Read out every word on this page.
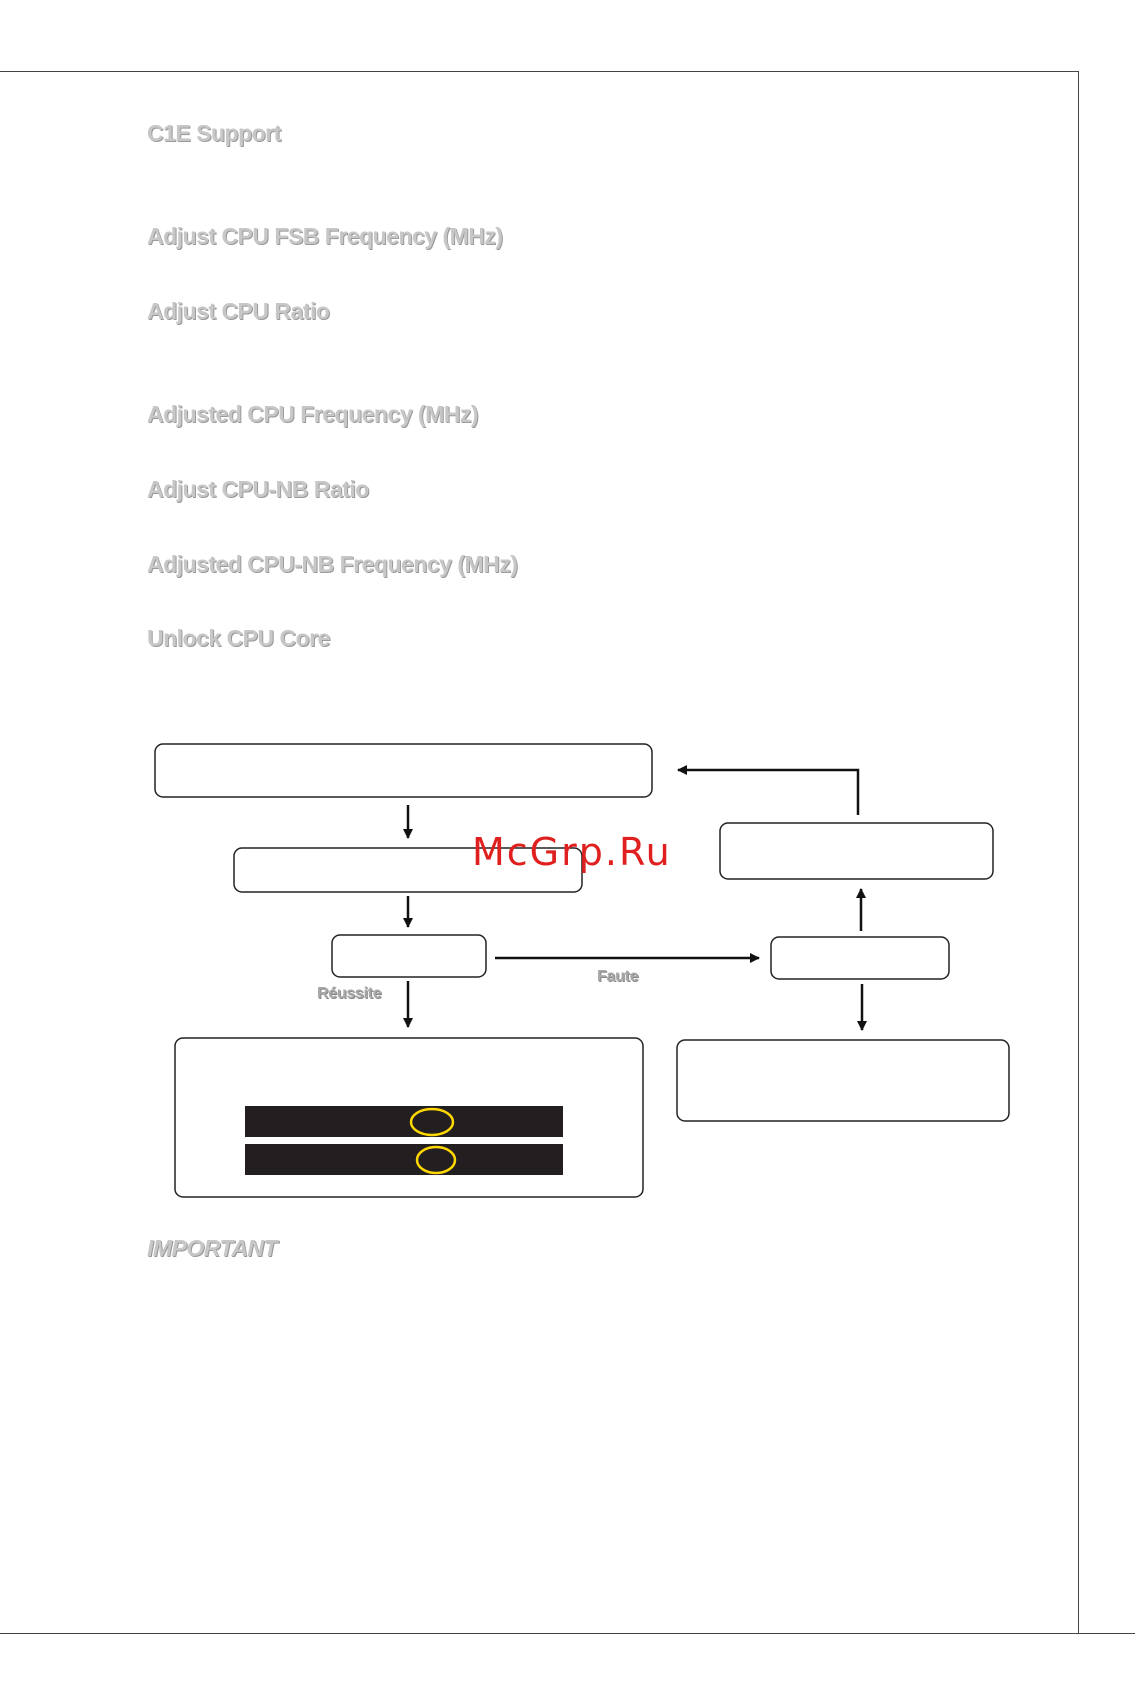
C1E Support
Adjust CPU FSB Frequency (MHz)
Adjust CPU Ratio
Adjusted CPU Frequency (MHz)
Adjust CPU-NB Ratio
Adjusted CPU-NB Frequency (MHz)
Unlock CPU Core
Réussite
Faute
McGrp.Ru
IMPORTANT
